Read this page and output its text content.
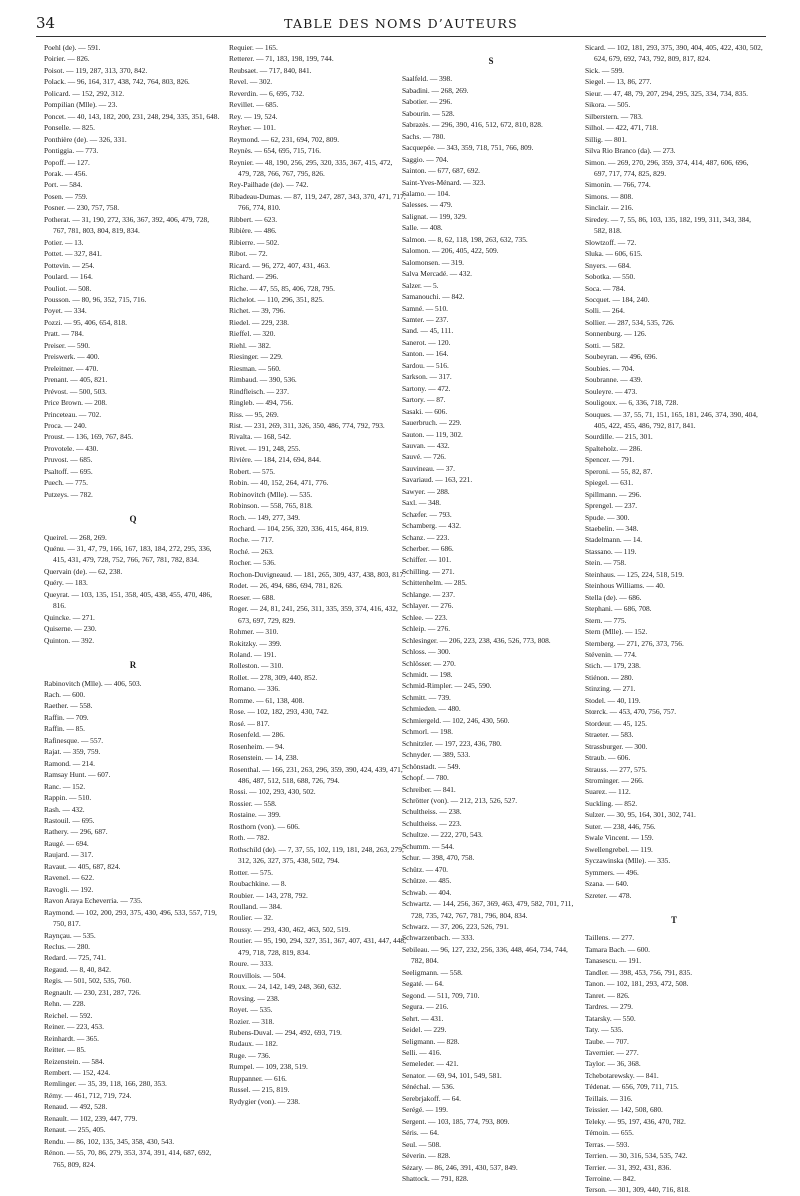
34	TABLE DES NOMS D’AUTEURS
Poehl (de). — 591.
Poirier. — 826.
Poisot. — 119, 287, 313, 370, 842.
Polack. — 96, 164, 317, 438, 742, 764, 803, 826.
Policard. — 152, 292, 312.
Pompilian (Mlle). — 23.
Poncet. — 40, 143, 182, 200, 231, 248, 294, 335, 351, 648.
Ponselle. — 825.
Ponthière (de). — 326, 331.
Pontiggia. — 773.
Popoff. — 127.
Porak. — 456.
Port. — 584.
Posen. — 759.
Posner. — 230, 757, 758.
Potherat. — 31, 190, 272, 336, 367, 392, 406, 479, 728, 767, 781, 803, 804, 819, 834.
Potier. — 13.
Pottet. — 327, 841.
Pottevin. — 254.
Poulard. — 164.
Pouliot. — 508.
Pousson. — 80, 96, 352, 715, 716.
Poyet. — 334.
Pozzi. — 95, 406, 654, 818.
Pratt. — 784.
Preiser. — 590.
Preiswerk. — 400.
Preleitner. — 470.
Prenant. — 405, 821.
Prévost. — 500, 503.
Price Brown. — 208.
Princeteau. — 702.
Proca. — 240.
Proust. — 136, 169, 767, 845.
Provotele. — 430.
Pruvost. — 685.
Psaltoff. — 695.
Puech. — 775.
Putzeys. — 782.
Q
Queirel. — 268, 269.
Quénu. — 31, 47, 79, 166, 167, 183, 184, 272, 295, 336, 415, 431, 479, 728, 752, 766, 767, 781, 782, 834.
Quervain (de). — 62, 238.
Quéry. — 183.
Queyrat. — 103, 135, 151, 358, 405, 438, 455, 470, 486, 816.
Quincke. — 271.
Quiserne. — 230.
Quinton. — 392.
R
Rabinovitch (Mlle). — 406, 503.
Rach. — 600.
Raether. — 558.
Raffin. — 709.
Raffin. — 85.
Rafinesque. — 557.
Rajat. — 359, 759.
Ramond. — 214.
Ramsay Hunt. — 607.
Ranc. — 152.
Rappin. — 510.
Rash. — 432.
Rastouil. — 695.
Rathery. — 296, 687.
Raugé. — 694.
Raujard. — 317.
Ravaut. — 405, 687, 824.
Ravenel. — 622.
Ravogli. — 192.
Ravon Araya Echeverria. — 735.
Raymond. — 102, 200, 293, 375, 430, 496, 533, 557, 719, 750, 817.
Raynçau. — 535.
Reclus. — 280.
Redard. — 725, 741.
Regaud. — 8, 40, 842.
Regis. — 501, 502, 535, 760.
Regnault. — 230, 231, 287, 726.
Rehn. — 228.
Reichel. — 592.
Reiner. — 223, 453.
Reinhardt. — 365.
Reitter. — 85.
Reizenstein. — 584.
Rembert. — 152, 424.
Remlinger. — 35, 39, 118, 166, 280, 353.
Rémy. — 461, 712, 719, 724.
Renaud. — 492, 528.
Renault. — 102, 239, 447, 779.
Renaut. — 255, 405.
Rendu. — 86, 102, 135, 345, 358, 430, 543.
Rénon. — 55, 70, 86, 279, 353, 374, 391, 414, 687, 692, 765, 809, 824.
Requier. — 165.
Retterer. — 71, 183, 198, 199, 744.
Reubsaet. — 717, 840, 841.
Revel. — 302.
Reverdin. — 6, 695, 732.
Revillet. — 685.
Rey. — 19, 524.
Reyher. — 101.
Reymond. — 62, 231, 694, 702, 809.
Reynès. — 654, 695, 715, 716.
Reynier. — 48, 190, 256, 295, 320, 335, 367, 415, 472, 479, 728, 766, 767, 795, 826.
Rey-Pailhade (de). — 742.
Ribadeau-Dumas. — 87, 119, 247, 287, 343, 370, 471, 717, 766, 774, 810.
Ribbert. — 623.
Ribière. — 486.
Ribierre. — 502.
Ribot. — 72.
Ricard. — 96, 272, 407, 431, 463.
Richard. — 296.
Riche. — 47, 55, 85, 406, 728, 795.
Richelot. — 110, 296, 351, 825.
Richet. — 39, 796.
Riedel. — 229, 238.
Rieffel. — 320.
Riehl. — 382.
Riesinger. — 229.
Riesman. — 560.
Rimbaud. — 390, 536.
Rindfleisch. — 237.
Ringleb. — 494, 756.
Riss. — 95, 269.
Rist. — 231, 269, 311, 326, 350, 486, 774, 792, 793.
Rivalta. — 168, 542.
Rivet. — 191, 248, 255.
Rivière. — 184, 214, 694, 844.
Robert. — 575.
Robin. — 40, 152, 264, 471, 776.
Robinovitch (Mlle). — 535.
Robinson. — 558, 765, 818.
Roch. — 149, 277, 349.
Rochard. — 104, 256, 320, 336, 415, 464, 819.
Roche. — 717.
Roché. — 263.
Rocher. — 536.
Rochon-Duvigneaud. — 181, 265, 309, 437, 438, 803, 817.
Rodet. — 26, 494, 686, 694, 781, 826.
Roeser. — 688.
Roger. — 24, 81, 241, 256, 311, 335, 359, 374, 416, 432, 673, 697, 729, 829.
Rohmer. — 310.
Rokitzky. — 399.
Roland. — 191.
Rolleston. — 310.
Rollet. — 278, 309, 440, 852.
Romano. — 336.
Romme. — 61, 138, 408.
Rose. — 102, 182, 293, 430, 742.
Rosé. — 817.
Rosenfeld. — 286.
Rosenheim. — 94.
Rosenstein. — 14, 238.
Rosenthal. — 166, 231, 263, 296, 359, 390, 424, 439, 471, 486, 487, 512, 518, 688, 726, 794.
Rossi. — 102, 293, 430, 502.
Rossier. — 558.
Rostaine. — 399.
Rosthorn (von). — 606.
Roth. — 782.
Rothschild (de). — 7, 37, 55, 102, 119, 181, 248, 263, 279, 312, 326, 327, 375, 438, 502, 794.
Rotter. — 575.
Roubachkine. — 8.
Roubier. — 143, 278, 792.
Roulland. — 384.
Roulier. — 32.
Roussy. — 293, 430, 462, 463, 502, 519.
Routier. — 95, 190, 294, 327, 351, 367, 407, 431, 447, 448, 479, 718, 728, 819, 834.
Roure. — 333.
Rouvillois. — 504.
Roux. — 24, 142, 149, 248, 360, 632.
Rovsing. — 238.
Royet. — 535.
Rozier. — 318.
Rubens-Duval. — 294, 492, 693, 719.
Rudaux. — 182.
Ruge. — 736.
Rumpel. — 109, 238, 519.
Ruppanner. — 616.
Russel. — 215, 819.
Rydygier (von). — 238.
S
Saalfeld. — 398.
Sabadini. — 268, 269.
Sabotier. — 296.
Sabourin. — 528.
Sabrazès. — 296, 390, 416, 512, 672, 810, 828.
Sachs. — 780.
Sacquepée. — 343, 359, 718, 751, 766, 809.
Saggio. — 704.
Sainton. — 677, 687, 692.
Saint-Yves-Ménard. — 323.
Salamo. — 104.
Salesses. — 479.
Salignat. — 199, 329.
Salle. — 408.
Salmon. — 8, 62, 118, 198, 263, 632, 735.
Salomon. — 206, 405, 422, 509.
Salomonsen. — 319.
Salva Mercadé. — 432.
Salzer. — 5.
Samanouchi. — 842.
Samné. — 510.
Samter. — 237.
Sand. — 45, 111.
Sanerot. — 120.
Santon. — 164.
Sardou. — 516.
Sarkson. — 317.
Sartony. — 472.
Sartory. — 87.
Sasaki. — 606.
Sauerbruch. — 229.
Sauton. — 119, 302.
Sauvan. — 432.
Sauvé. — 726.
Sauvineau. — 37.
Savariaud. — 163, 221.
Sawyer. — 288.
Saxl. — 348.
Schæfer. — 793.
Schamberg. — 432.
Schanz. — 223.
Scherber. — 686.
Schiffer. — 101.
Schilling. — 271.
Schittenhelm. — 285.
Schlange. — 237.
Schlayer. — 276.
Schlee. — 223.
Schleip. — 276.
Schlesinger. — 206, 223, 238, 436, 526, 773, 808.
Schloss. — 300.
Schlösser. — 270.
Schmidt. — 198.
Schmid-Rimpler. — 245, 590.
Schmitt. — 739.
Schmieden. — 480.
Schmiergeld. — 102, 246, 430, 560.
Schmorl. — 198.
Schnitzler. — 197, 223, 436, 780.
Schnyder. — 389, 533.
Schönstadt. — 549.
Schopf. — 780.
Schreiber. — 841.
Schrötter (von). — 212, 213, 526, 527.
Schultheiss. — 238.
Schultheiss. — 223.
Schultze. — 222, 270, 543.
Schumm. — 544.
Schur. — 398, 470, 758.
Schütz. — 470.
Schütze. — 485.
Schwab. — 404.
Schwartz. — 144, 256, 367, 369, 463, 479, 582, 701, 711, 728, 735, 742, 767, 781, 796, 804, 834.
Schwarz. — 37, 206, 223, 526, 791.
Schwarzenbach. — 333.
Sebileau. — 96, 127, 232, 256, 336, 448, 464, 734, 744, 782, 804.
Seeligmann. — 558.
Segaté. — 64.
Segond. — 511, 709, 710.
Segura. — 216.
Sehrt. — 431.
Seidel. — 229.
Seligmann. — 828.
Selli. — 416.
Semeleder. — 421.
Senator. — 69, 94, 101, 549, 581.
Sénéchal. — 536.
Serebrjakoff. — 64.
Serégé. — 199.
Sergent. — 103, 185, 774, 793, 809.
Séris. — 64.
Seul. — 508.
Séverin. — 828.
Sézary. — 86, 246, 391, 430, 537, 849.
Shattock. — 791, 828.
Sicard. — 102, 181, 293, 375, 390, 404, 405, 422, 430, 502, 624, 679, 692, 743, 792, 809, 817, 824.
Sick. — 599.
Siegel. — 13, 86, 277.
Sieur. — 47, 48, 79, 207, 294, 295, 325, 334, 734, 835.
Sikora. — 505.
Silberstern. — 783.
Silhol. — 422, 471, 718.
Sillig. — 801.
Silva Rio Branco (da). — 273.
Simon. — 269, 270, 296, 359, 374, 414, 487, 606, 696, 697, 717, 774, 825, 829.
Simonin. — 766, 774.
Simons. — 808.
Sinclair. — 216.
Siredey. — 7, 55, 86, 103, 135, 182, 199, 311, 343, 384, 582, 818.
Slowtzoff. — 72.
Sluka. — 606, 615.
Snyers. — 684.
Sobotka. — 550.
Soca. — 784.
Socquet. — 184, 240.
Solli. — 264.
Sollier. — 287, 534, 535, 726.
Sonnenburg. — 126.
Sotti. — 582.
Soubeyran. — 496, 696.
Soubies. — 704.
Soubranne. — 439.
Souleyre. — 473.
Souligoux. — 6, 336, 718, 728.
Souques. — 37, 55, 71, 151, 165, 181, 246, 374, 390, 404, 405, 422, 455, 486, 792, 817, 841.
Sourdille. — 215, 301.
Spalteholz. — 286.
Spencer. — 791.
Speroni. — 55, 82, 87.
Spiegel. — 631.
Spillmann. — 296.
Sprengel. — 237.
Spude. — 300.
Staebelin. — 348.
Stadelmann. — 14.
Stassano. — 119.
Stein. — 758.
Steinhaus. — 125, 224, 518, 519.
Steinhous Williams. — 40.
Stella (de). — 686.
Stephani. — 686, 708.
Stern. — 775.
Stern (Mlle). — 152.
Sternberg. — 271, 276, 373, 756.
Stévenin. — 774.
Stich. — 179, 238.
Stiénon. — 280.
Stinzing. — 271.
Stodel. — 40, 119.
Stœrck. — 453, 470, 756, 757.
Stordeur. — 45, 125.
Straeter. — 583.
Strassburger. — 300.
Straub. — 606.
Strauss. — 277, 575.
Strominger. — 266.
Suarez. — 112.
Suckling. — 852.
Sulzer. — 30, 95, 164, 301, 302, 741.
Suter. — 238, 446, 756.
Swale Vincent. — 159.
Swellengrebel. — 119.
Syczawinska (Mlle). — 335.
Symmers. — 496.
Szana. — 640.
Szreter. — 478.
T
Taillens. — 277.
Tamara Bach. — 600.
Tanasescu. — 191.
Tandler. — 398, 453, 756, 791, 835.
Tanon. — 102, 181, 293, 472, 508.
Tanret. — 826.
Tardres. — 279.
Tatarsky. — 550.
Taty. — 535.
Taube. — 707.
Tavernier. — 277.
Taylor. — 36, 368.
Tchebotarewsky. — 841.
Tédenat. — 656, 709, 711, 715.
Teillais. — 316.
Teissier. — 142, 508, 680.
Teleky. — 95, 197, 436, 470, 782.
Témoin. — 655.
Terras. — 593.
Terrien. — 30, 316, 534, 535, 742.
Terrier. — 31, 392, 431, 836.
Terroine. — 842.
Terson. — 301, 309, 440, 716, 818.
